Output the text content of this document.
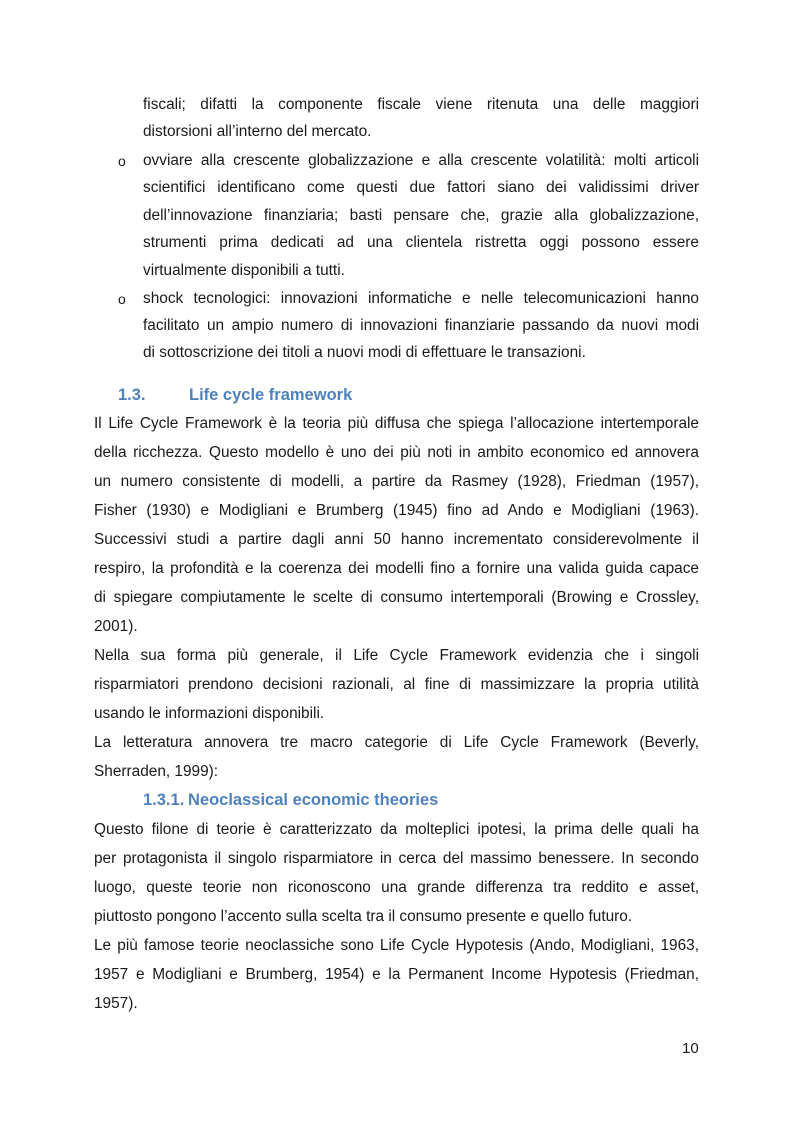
fiscali; difatti la componente fiscale viene ritenuta una delle maggiori

distorsioni all’interno del mercato.

o ovviare alla crescente globalizzazione e alla crescente volatilità: molti articoli

scientifici identificano come questi due fattori siano dei validissimi driver

dell’innovazione finanziaria; basti pensare che, grazie alla globalizzazione,

strumenti prima dedicati ad una clientela ristretta oggi possono essere

virtualmente disponibili a tutti.

o shock tecnologici: innovazioni informatiche e nelle telecomunicazioni hanno

facilitato un ampio numero di innovazioni finanziarie passando da nuovi modi

di sottoscrizione dei titoli a nuovi modi di effettuare le transazioni.

1.3.	Life cycle framework

Il Life Cycle Framework è la teoria più diffusa che spiega l’allocazione intertemporale

della ricchezza. Questo modello è uno dei più noti in ambito economico ed annovera

un numero consistente di modelli, a partire da Rasmey (1928), Friedman (1957),

Fisher (1930) e Modigliani e Brumberg (1945) fino ad Ando e Modigliani (1963).

Successivi studi a partire dagli anni 50 hanno incrementato considerevolmente il

respiro, la profondità e la coerenza dei modelli fino a fornire una valida guida capace

di spiegare compiutamente le scelte di consumo intertemporali (Browing e Crossley,

2001).

Nella sua forma più generale, il Life Cycle Framework evidenzia che i singoli

risparmiatori prendono decisioni razionali, al fine di massimizzare la propria utilità

usando le informazioni disponibili.

La letteratura annovera tre macro categorie di Life Cycle Framework (Beverly,

Sherraden, 1999):

1.3.1. Neoclassical economic theories

Questo filone di teorie è caratterizzato da molteplici ipotesi, la prima delle quali ha

per protagonista il singolo risparmiatore in cerca del massimo benessere. In secondo

luogo, queste teorie non riconoscono una grande differenza tra reddito e asset,

piuttosto pongono l’accento sulla scelta tra il consumo presente e quello futuro.

Le più famose teorie neoclassiche sono Life Cycle Hypotesis (Ando, Modigliani, 1963,

1957 e Modigliani e Brumberg, 1954) e la Permanent Income Hypotesis (Friedman,

1957).

10
